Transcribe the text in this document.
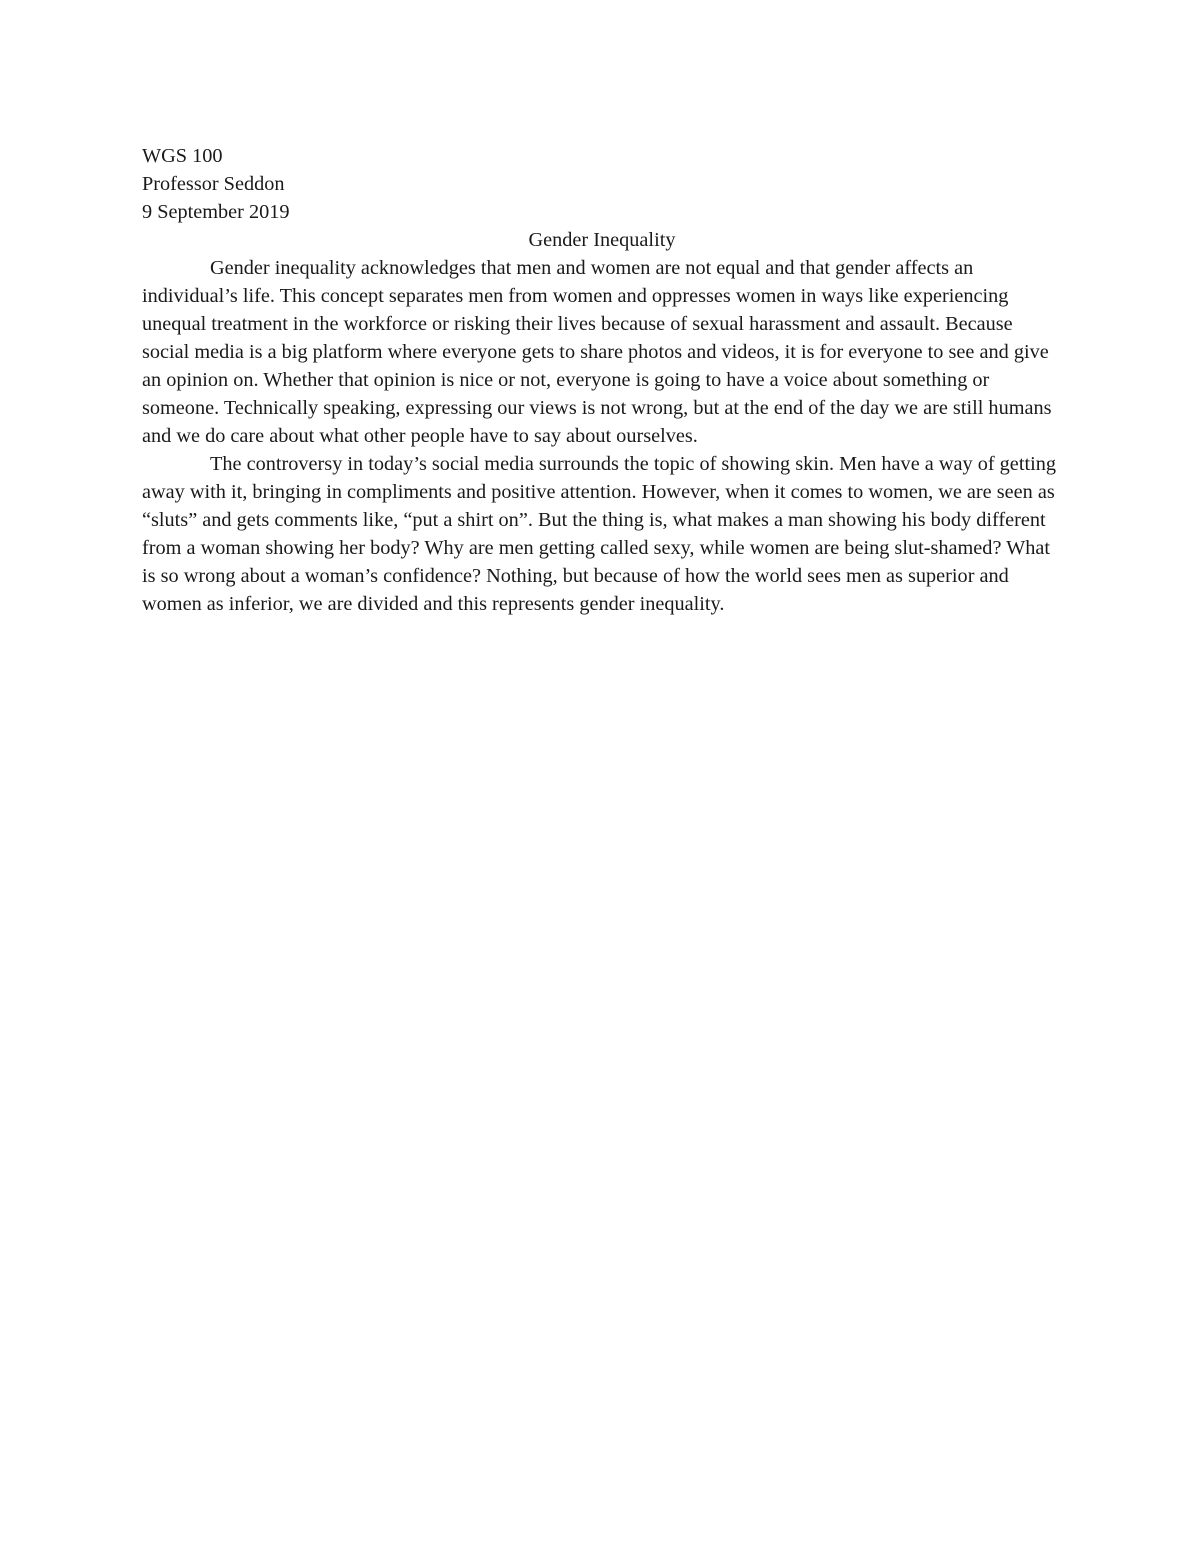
WGS 100
Professor Seddon
9 September 2019
Gender Inequality

Gender inequality acknowledges that men and women are not equal and that gender affects an individual’s life. This concept separates men from women and oppresses women in ways like experiencing unequal treatment in the workforce or risking their lives because of sexual harassment and assault. Because social media is a big platform where everyone gets to share photos and videos, it is for everyone to see and give an opinion on. Whether that opinion is nice or not, everyone is going to have a voice about something or someone. Technically speaking, expressing our views is not wrong, but at the end of the day we are still humans and we do care about what other people have to say about ourselves.

The controversy in today’s social media surrounds the topic of showing skin. Men have a way of getting away with it, bringing in compliments and positive attention. However, when it comes to women, we are seen as “sluts” and gets comments like, “put a shirt on”. But the thing is, what makes a man showing his body different from a woman showing her body? Why are men getting called sexy, while women are being slut-shamed? What is so wrong about a woman’s confidence? Nothing, but because of how the world sees men as superior and women as inferior, we are divided and this represents gender inequality.
